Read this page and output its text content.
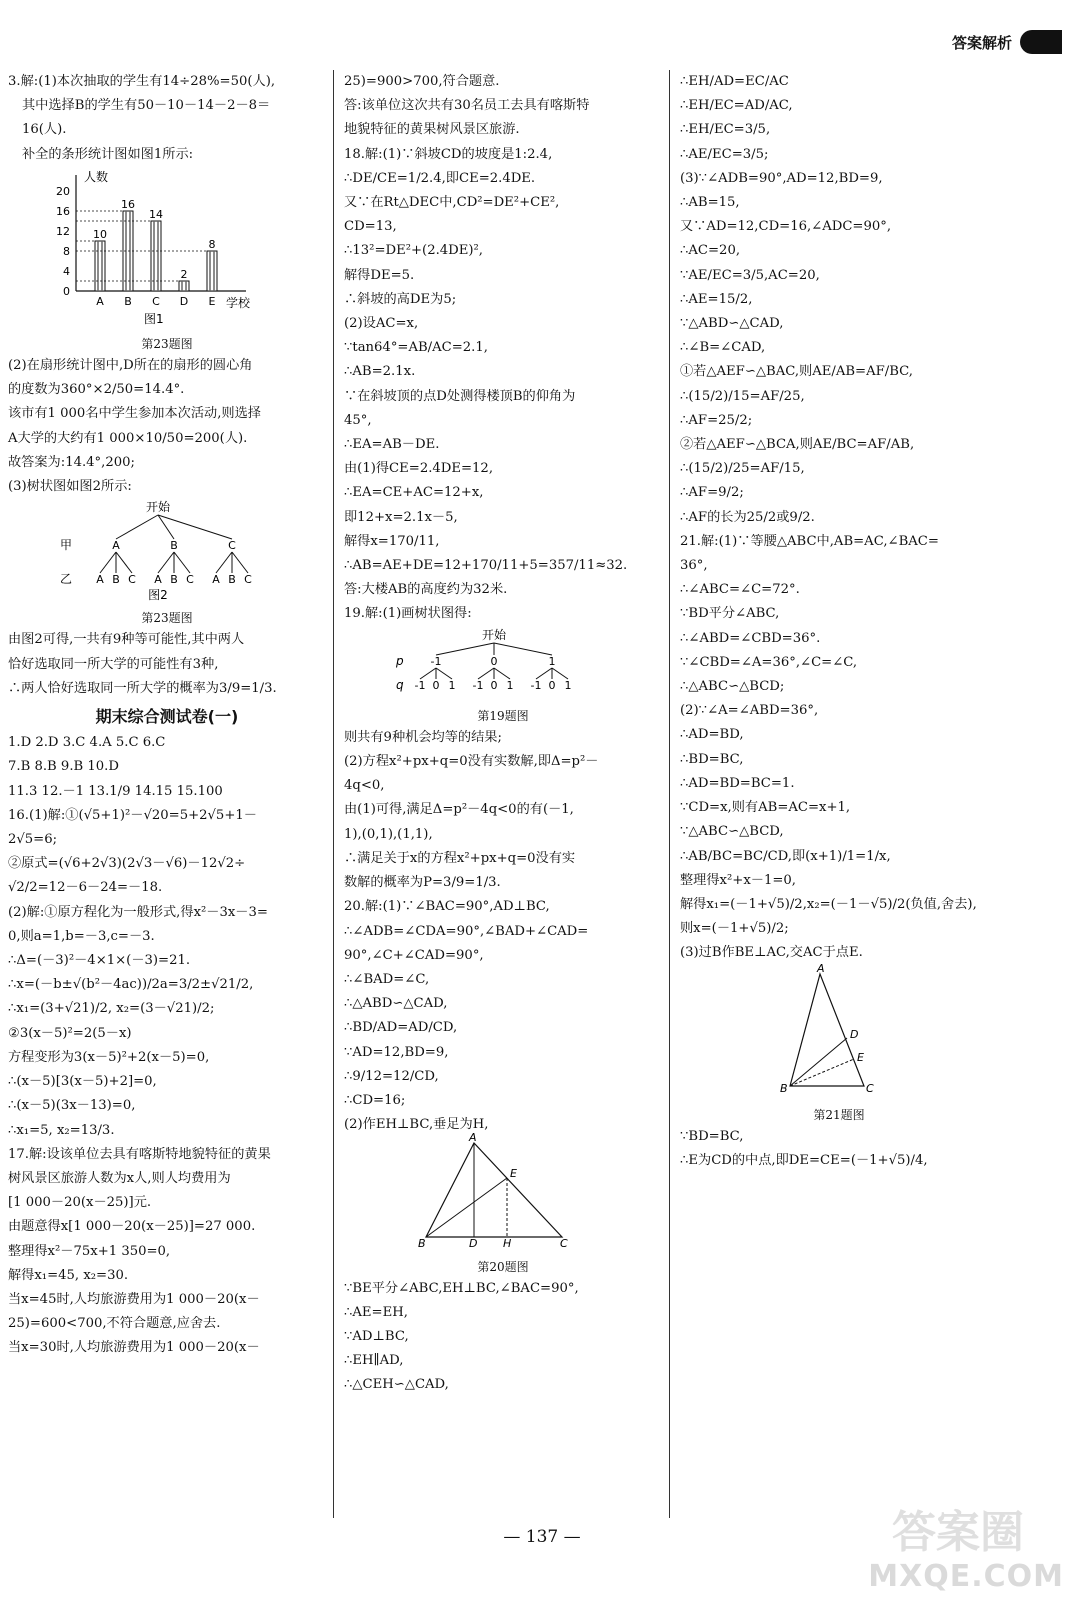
答案解析
3.解:(1)本次抽取的学生有14÷28%=50(人),
其中选择B的学生有50－10－14－2－8＝
16(人).
补全的条形统计图如图1所示:
人数
20
16
12
8
4
0
10
A
16
B
14
C
2
D
8
E 学校
图1
第23题图
(2)在扇形统计图中,D所在的扇形的圆心角
的度数为360°×2/50=14.4°.
该市有1 000名中学生参加本次活动,则选择
A大学的大约有1 000×10/50=200(人).
故答案为:14.4°,200;
(3)树状图如图2所示:
开始
甲
乙
A
A B C
B
A B C
C
A B C
图2
第23题图
由图2可得,一共有9种等可能性,其中两人
恰好选取同一所大学的可能性有3种,
∴两人恰好选取同一所大学的概率为3/9=1/3.
期末综合测试卷(一)
1.D 2.D 3.C 4.A 5.C 6.C
7.B 8.B 9.B 10.D
11.3 12.－1 13.1/9 14.15 15.100
16.(1)解:①(√5+1)²－√20=5+2√5+1－
2√5=6;
②原式=(√6+2√3)(2√3－√6)－12√2÷
√2/2=12－6－24=－18.
(2)解:①原方程化为一般形式,得x²－3x－3=
0,则a=1,b=－3,c=－3.
∴Δ=(－3)²－4×1×(－3)=21.
∴x=(－b±√(b²－4ac))/2a=3/2±√21/2,
∴x₁=(3+√21)/2, x₂=(3－√21)/2;
②3(x－5)²=2(5－x)
方程变形为3(x－5)²+2(x－5)=0,
∴(x－5)[3(x－5)+2]=0,
∴(x－5)(3x－13)=0,
∴x₁=5, x₂=13/3.
17.解:设该单位去具有喀斯特地貌特征的黄果
树风景区旅游人数为x人,则人均费用为
[1 000－20(x－25)]元.
由题意得x[1 000－20(x－25)]=27 000.
整理得x²－75x+1 350=0,
解得x₁=45, x₂=30.
当x=45时,人均旅游费用为1 000－20(x－
25)=600<700,不符合题意,应舍去.
当x=30时,人均旅游费用为1 000－20(x－
25)=900>700,符合题意.
答:该单位这次共有30名员工去具有喀斯特
地貌特征的黄果树风景区旅游.
18.解:(1)∵斜坡CD的坡度是1:2.4,
∴DE/CE=1/2.4,即CE=2.4DE.
又∵在Rt△DEC中,CD²=DE²+CE²,
CD=13,
∴13²=DE²+(2.4DE)²,
解得DE=5.
∴斜坡的高DE为5;
(2)设AC=x,
∵tan64°=AB/AC=2.1,
∴AB=2.1x.
∵在斜坡顶的点D处测得楼顶B的仰角为
45°,
∴EA=AB－DE.
由(1)得CE=2.4DE=12,
∴EA=CE+AC=12+x,
即12+x=2.1x－5,
解得x=170/11,
∴AB=AE+DE=12+170/11+5=357/11≈32.
答:大楼AB的高度约为32米.
19.解:(1)画树状图得:
开始
p
q
-1
-1 0 1
0
-1 0 1
1
-1 0 1
第19题图
则共有9种机会均等的结果;
(2)方程x²+px+q=0没有实数解,即Δ=p²－
4q<0,
由(1)可得,满足Δ=p²－4q<0的有(－1,
1),(0,1),(1,1),
∴满足关于x的方程x²+px+q=0没有实
数解的概率为P=3/9=1/3.
20.解:(1)∵∠BAC=90°,AD⊥BC,
∴∠ADB=∠CDA=90°,∠BAD+∠CAD=
90°,∠C+∠CAD=90°,
∴∠BAD=∠C,
∴△ABD∽△CAD,
∴BD/AD=AD/CD,
∵AD=12,BD=9,
∴9/12=12/CD,
∴CD=16;
(2)作EH⊥BC,垂足为H,
A
E
B	D H	C
第20题图
∵BE平分∠ABC,EH⊥BC,∠BAC=90°,
∴AE=EH,
∵AD⊥BC,
∴EH∥AD,
∴△CEH∽△CAD,
∴EH/AD=EC/AC
∴EH/EC=AD/AC,
∴EH/EC=3/5,
∴AE/EC=3/5;
(3)∵∠ADB=90°,AD=12,BD=9,
∴AB=15,
又∵AD=12,CD=16,∠ADC=90°,
∴AC=20,
∵AE/EC=3/5,AC=20,
∴AE=15/2,
∵△ABD∽△CAD,
∴∠B=∠CAD,
①若△AEF∽△BAC,则AE/AB=AF/BC,
∴(15/2)/15=AF/25,
∴AF=25/2;
②若△AEF∽△BCA,则AE/BC=AF/AB,
∴(15/2)/25=AF/15,
∴AF=9/2;
∴AF的长为25/2或9/2.
21.解:(1)∵等腰△ABC中,AB=AC,∠BAC=
36°,
∴∠ABC=∠C=72°.
∵BD平分∠ABC,
∴∠ABD=∠CBD=36°.
∵∠CBD=∠A=36°,∠C=∠C,
∴△ABC∽△BCD;
(2)∵∠A=∠ABD=36°,
∴AD=BD,
∴BD=BC,
∴AD=BD=BC=1.
∵CD=x,则有AB=AC=x+1,
∵△ABC∽△BCD,
∴AB/BC=BC/CD,即(x+1)/1=1/x,
整理得x²+x－1=0,
解得x₁=(－1+√5)/2,x₂=(－1－√5)/2(负值,舍去),
则x=(－1+√5)/2;
(3)过B作BE⊥AC,交AC于点E.
A
D
E
B	C
第21题图
∵BD=BC,
∴E为CD的中点,即DE=CE=(－1+√5)/4,
— 137 —	答案圈
MXQE.COM
